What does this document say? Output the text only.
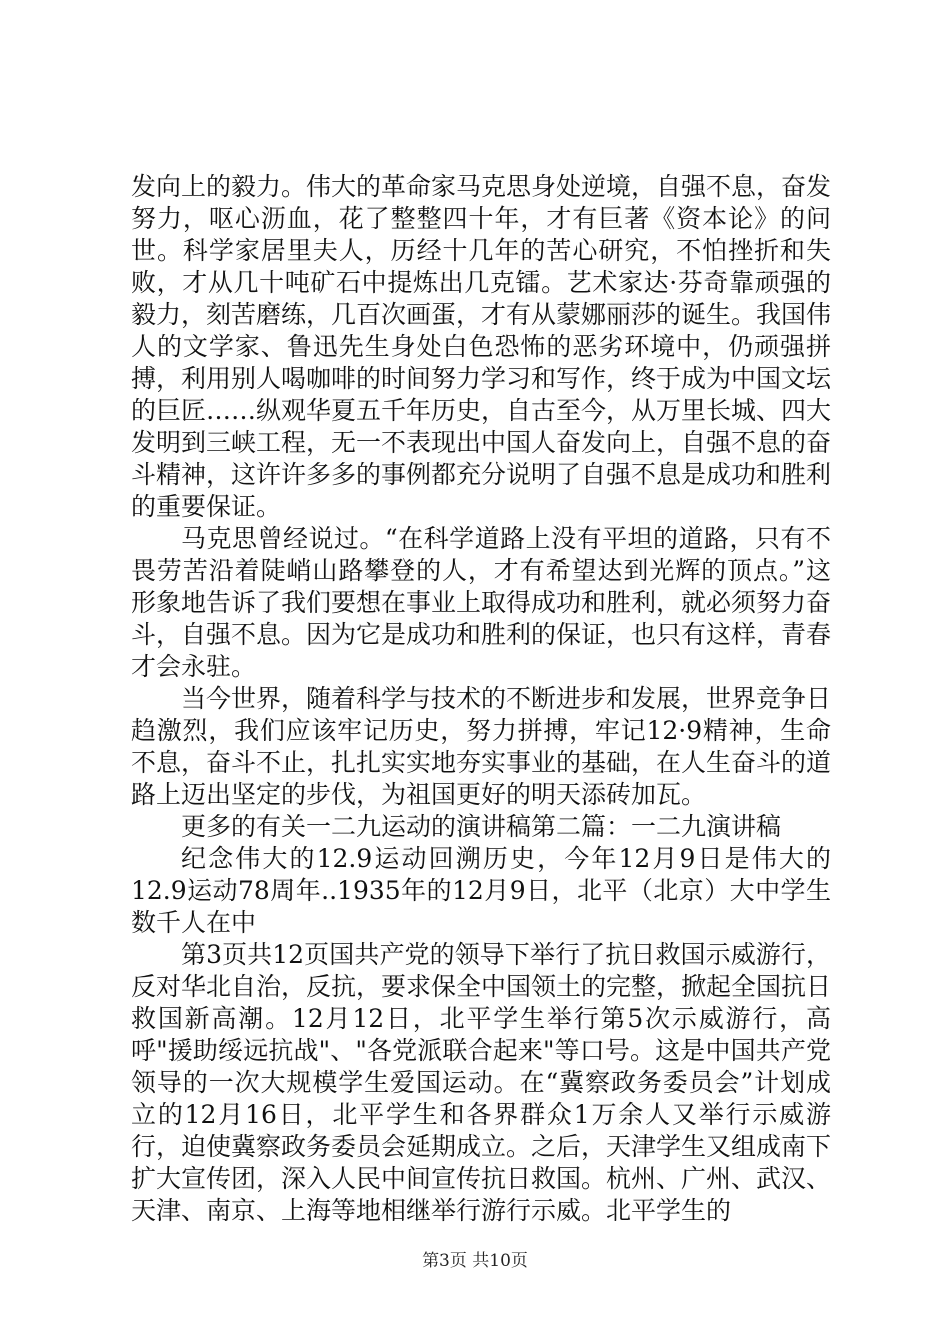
发向上的毅力。伟大的革命家马克思身处逆境，自强不息，奋发努力，呕心沥血，花了整整四十年，才有巨著《资本论》的问世。科学家居里夫人，历经十几年的苦心研究，不怕挫折和失败，才从几十吨矿石中提炼出几克镭。艺术家达·芬奇靠顽强的毅力，刻苦磨练，几百次画蛋，才有从蒙娜丽莎的诞生。我国伟人的文学家、鲁迅先生身处白色恐怖的恶劣环境中，仍顽强拼搏，利用别人喝咖啡的时间努力学习和写作，终于成为中国文坛的巨匠……纵观华夏五千年历史，自古至今，从万里长城、四大发明到三峡工程，无一不表现出中国人奋发向上，自强不息的奋斗精神，这许许多多的事例都充分说明了自强不息是成功和胜利的重要保证。

马克思曾经说过。“在科学道路上没有平坦的道路，只有不畏劳苦沿着陡峭山路攀登的人，才有希望达到光辉的顶点。”这形象地告诉了我们要想在事业上取得成功和胜利，就必须努力奋斗，自强不息。因为它是成功和胜利的保证，也只有这样，青春才会永驻。

当今世界，随着科学与技术的不断进步和发展，世界竞争日趋激烈，我们应该牢记历史，努力拼搏，牢记12·9精神，生命不息，奋斗不止，扎扎实实地夯实事业的基础，在人生奋斗的道路上迈出坚定的步伐，为祖国更好的明天添砖加瓦。

更多的有关一二九运动的演讲稿第二篇：一二九演讲稿

纪念伟大的12.9运动回溯历史，今年12月9日是伟大的12.9运动78周年..1935年的12月9日，北平（北京）大中学生数千人在中

第3页共12页国共产党的领导下举行了抗日救国示威游行，反对华北自治，反抗，要求保全中国领土的完整，掀起全国抗日救国新高潮。12月12日，北平学生举行第5次示威游行，高呼"援助绥远抗战"、"各党派联合起来"等口号。这是中国共产党领导的一次大规模学生爱国运动。在“冀察政务委员会”计划成立的12月16日，北平学生和各界群众1万余人又举行示威游行，迫使冀察政务委员会延期成立。之后，天津学生又组成南下扩大宣传团，深入人民中间宣传抗日救国。杭州、广州、武汉、天津、南京、上海等地相继举行游行示威。北平学生的

第3页 共10页
